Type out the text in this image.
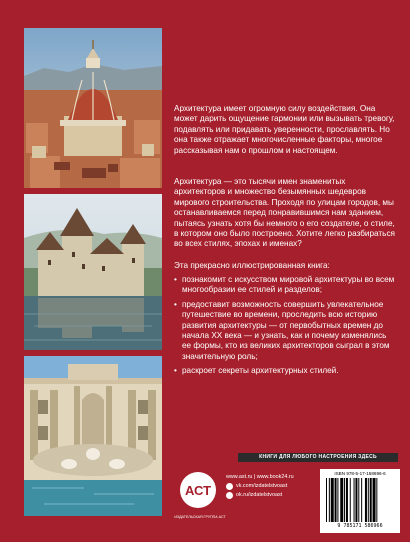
Архитектура имеет огромную силу воздействия. Она может дарить ощущение гармонии или вызывать тревогу, подавлять или придавать уверенности, прославлять. Но она также отражает многочисленные факторы, многое рассказывая нам о прошлом и настоящем.

Архитектура — это тысячи имен знаменитых архитекторов и множество безымянных шедевров мирового строительства. Проходя по улицам городов, мы останавливаемся перед понравившимся нам зданием, пытаясь узнать хотя бы немного о его создателе, о стиле, в котором оно было построено. Хотите легко разбираться во всех стилях, эпохах и именах?

Эта прекрасно иллюстрированная книга:

• познакомит с искусством мировой архитектуры во всем многообразии ее стилей и разделов;
• предоставит возможность совершить увлекательное путешествие во времени, проследить всю историю развития архитектуры — от первобытных времен до начала XX века — и узнать, как и почему изменялись ее формы, кто из великих архитекторов сыграл в этом значительную роль;
• раскроет секреты архитектурных стилей.
КНИГИ ДЛЯ ЛЮБОГО НАСТРОЕНИЯ ЗДЕСЬ
АСТ
ИЗДАТЕЛЬСКАЯ ГРУППА АСТ
www.ast.ru | www.book24.ru
vk.com/izdatelstvoast
ok.ru/izdatelstvoast
ISBN 978-5-17-158696-6
9 785171 586966
